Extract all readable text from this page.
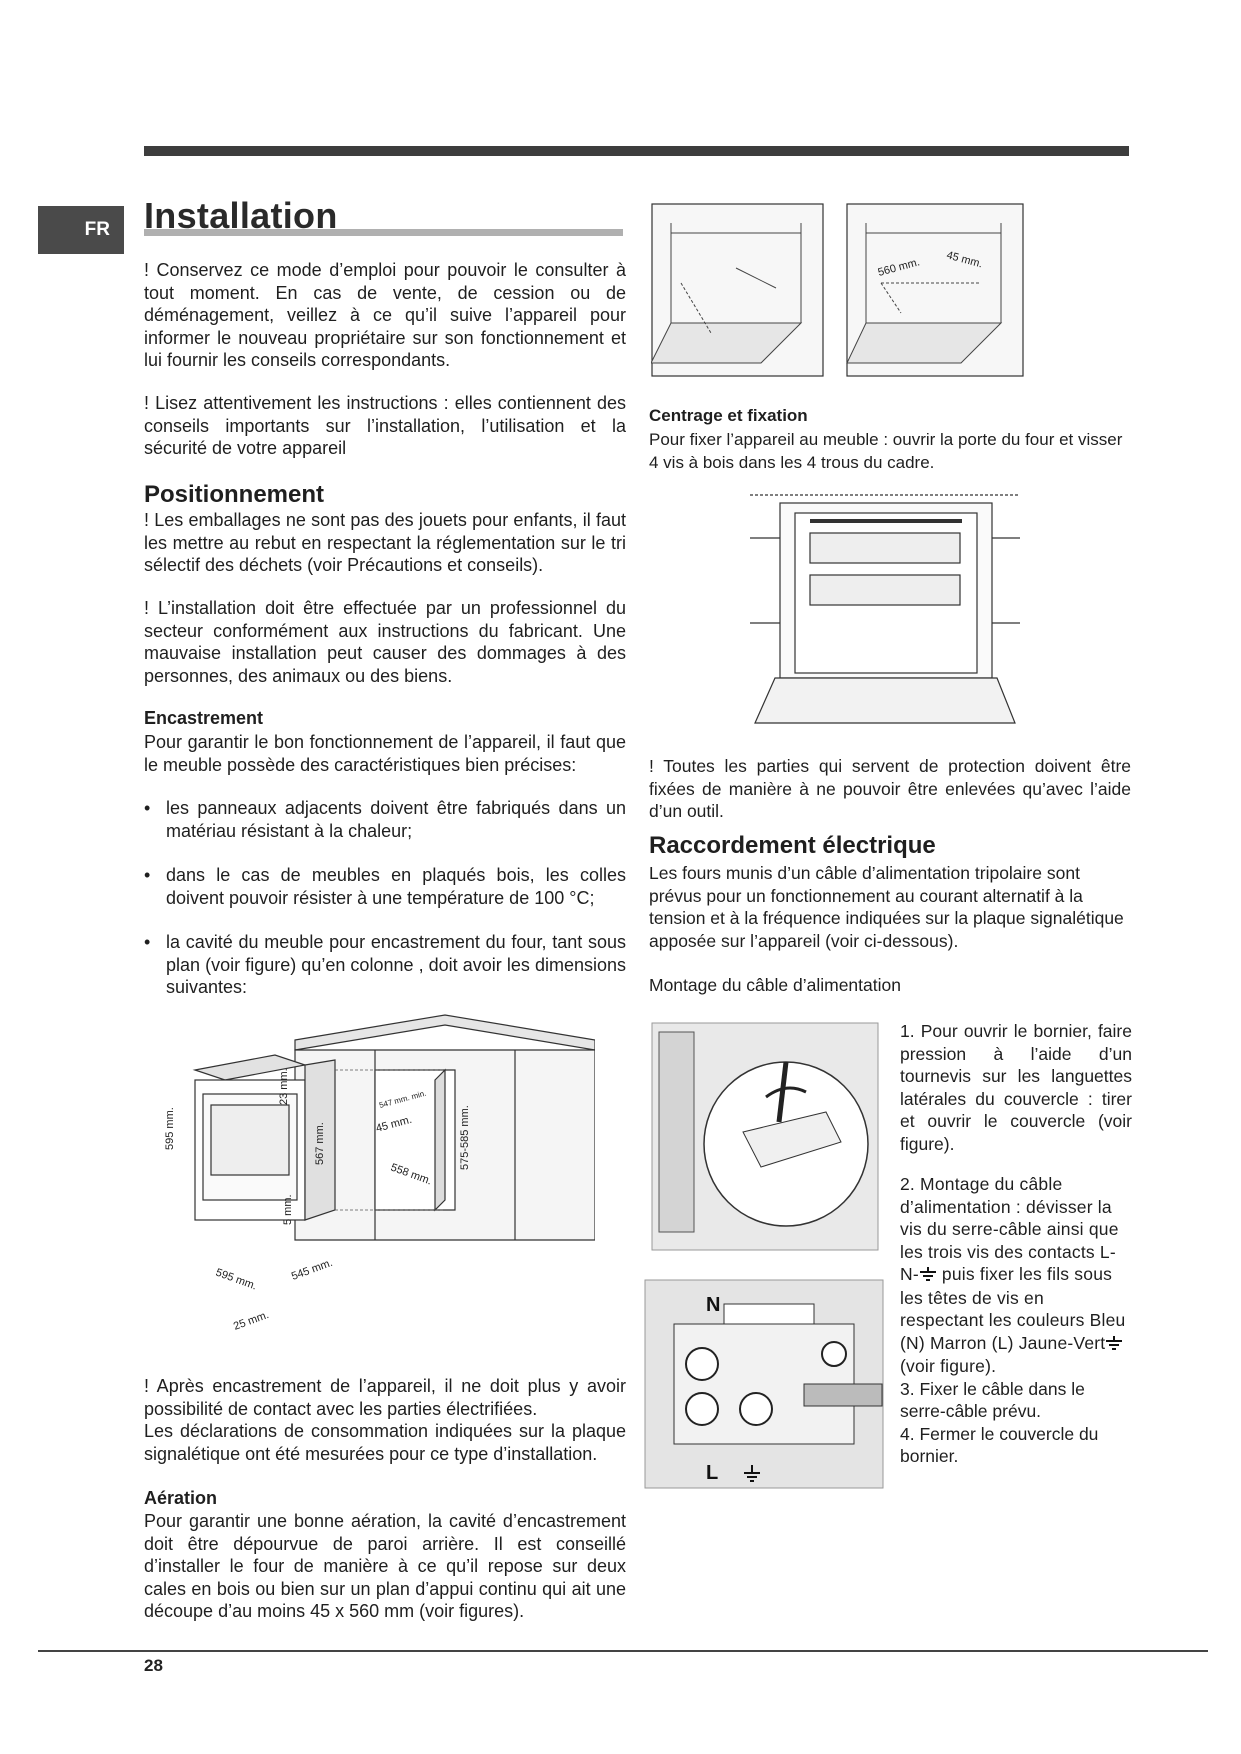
FR Installation

! Conservez ce mode d’emploi pour pouvoir le consulter à tout moment. En cas de vente, de cession ou de déménagement, veillez à ce qu’il suive l’appareil pour informer le nouveau propriétaire sur son fonctionnement et lui fournir les conseils correspondants.

! Lisez attentivement les instructions : elles contiennent des conseils importants sur l’installation, l’utilisation et la sécurité de votre appareil

Positionnement

! Les emballages ne sont pas des jouets pour enfants, il faut les mettre au rebut en respectant la réglementation sur le tri sélectif des déchets (voir Précautions et conseils).

! L’installation doit être effectuée par un professionnel du secteur conformément aux instructions du fabricant. Une mauvaise installation peut causer des dommages à des personnes, des animaux ou des biens.

Encastrement

Pour garantir le bon fonctionnement de l’appareil, il faut que le meuble possède des caractéristiques bien précises:

• les panneaux adjacents doivent être fabriqués dans un matériau résistant à la chaleur;

• dans le cas de meubles en plaqués bois, les colles doivent pouvoir résister à une température de 100 °C;

• la cavité du meuble pour encastrement du four, tant sous plan (voir figure) qu’en colonne , doit avoir les dimensions suivantes:

595 mm.
23 mm.
567 mm.
5 mm.
595 mm.	545 mm.
25 mm.
547 mm. min.
45 mm.
558 mm.
575-585 mm.

! Après encastrement de l’appareil, il ne doit plus y avoir possibilité de contact avec les parties électrifiées.

Les déclarations de consommation indiquées sur la plaque signalétique ont été mesurées pour ce type d’installation.

Aération

Pour garantir une bonne aération, la cavité d’encastrement doit être dépourvue de paroi arrière. Il est conseillé d’installer le four de manière à ce qu’il repose sur deux cales en bois ou bien sur un plan d’appui continu qui ait une découpe d’au moins 45 x 560 mm (voir figures).

560 mm. 45 mm.
Centrage et fixation

Pour fixer l’appareil au meuble : ouvrir la porte du four et visser 4 vis à bois dans les 4 trous du cadre.

! Toutes les parties qui servent de protection doivent être fixées de manière à ne pouvoir être enlevées qu’avec l’aide d’un outil.

Raccordement électrique

Les fours munis d’un câble d’alimentation tripolaire sont prévus pour un fonctionnement au courant alternatif à la tension et à la fréquence indiquées sur la plaque signalétique apposée sur l’appareil (voir ci-dessous).

Montage du câble d’alimentation

N
L

1. Pour ouvrir le bornier, faire pression à l’aide d’un tournevis sur les languettes latérales du couvercle : tirer et ouvrir le couvercle (voir figure).

2. Montage du câble d’alimentation : dévisser la vis du serre-câble ainsi que les trois vis des contacts L-N- puis fixer les fils sous les têtes de vis en respectant les couleurs Bleu (N) Marron (L) Jaune-Vert (voir figure).

3. Fixer le câble dans le serre-câble prévu.

4. Fermer le couvercle du bornier.

28
